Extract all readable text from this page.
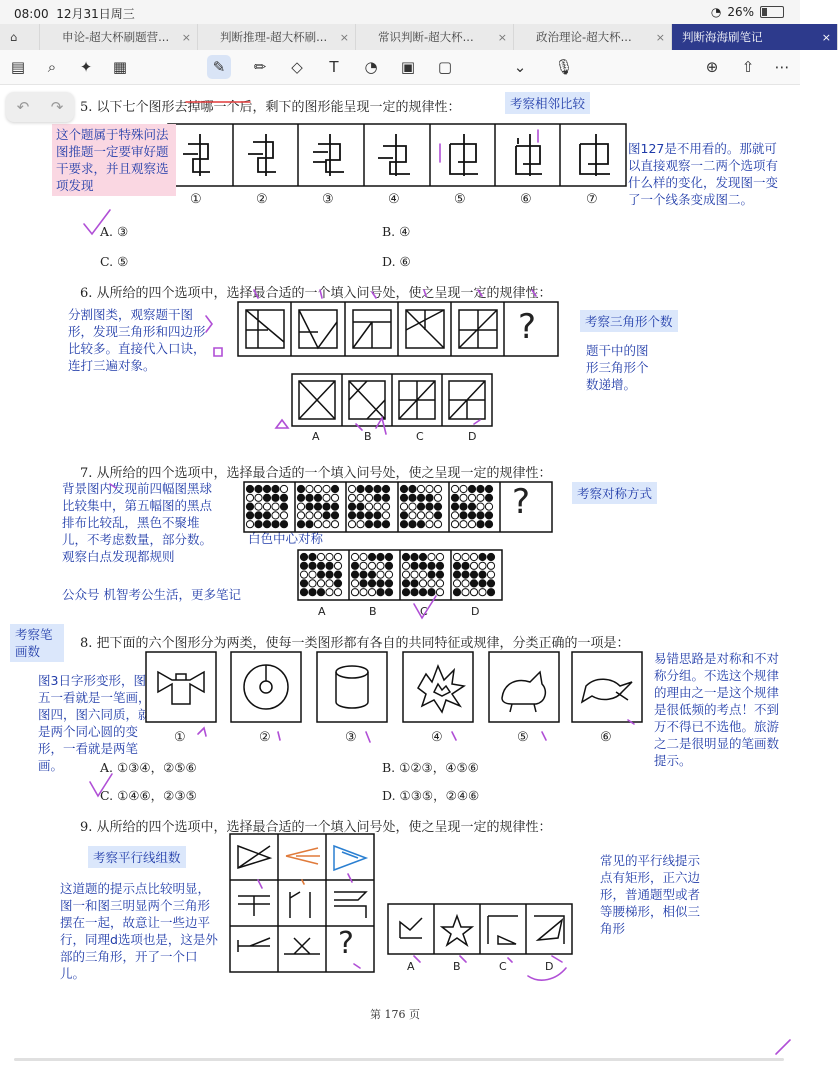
08:00 12月31日周三	◔ 26%
⌂	申论-超大杯刷题营...	×	判断推理-超大杯刷...	×	常识判断-超大杯...	×	政治理论-超大杯...	× 判断海海刷笔记	×
▤	⌕	✦	▦	✎	✏	◇	T	◔	▣	▢	⌄	🎙	⊕	⇧	⋯
↶ ↷ 5. 以下七个图形去掉哪一个后，剩下的图形能呈现一定的规律性：	考察相邻比较
①	②	③	④	⑤	⑥	⑦
这个题属于特殊问法图推题一定要审好题干要求，并且观察选项发现
图127是不用看的。那就可以直接观察一二两个选项有什么样的变化，发现图一变了一个线条变成图二。
A. ③	B. ④
C. ⑤	D. ⑥
6. 从所给的四个选项中，选择最合适的一个填入问号处，使之呈现一定的规律性：
考察三角形个数
分割图类，观察题干图形，发现三角形和四边形比较多。直接代入口诀，连打三遍对象。
题干中的图形三角形个数递增。
?
A	B	C	D
7. 从所给的四个选项中，选择最合适的一个填入问号处，使之呈现一定的规律性：
考察对称方式
背景图内发现前四幅图黑球比较集中，第五幅图的黑点排布比较乱，黑色不聚堆儿，不考虑数量，部分数。观察白点发现都规则
公众号 机智考公生活，更多笔记
白色中心对称
?
A	B	C	D
考察笔画数
8. 把下面的六个图形分为两类，使每一类图形都有各自的共同特征或规律，分类正确的一项是：
图3日字形变形，图五一看就是一笔画，图四，图六同质，就是两个同心圆的变形，一看就是两笔画。
易错思路是对称和不对称分组。不选这个规律的理由之一是这个规律是很低频的考点！不到万不得已不选他。旅游之二是很明显的笔画数提示。
①	②	③	④	⑤	⑥
A. ①③④，②⑤⑥	B. ①②③，④⑤⑥
C. ①④⑥，②③⑤	D. ①③⑤，②④⑥
9. 从所给的四个选项中，选择最合适的一个填入问号处，使之呈现一定的规律性：
考察平行线组数
这道题的提示点比较明显，图一和图三明显两个三角形摆在一起，故意让一些边平行，同理d选项也是，这是外部的三角形，开了一个口儿。
常见的平行线提示点有矩形，正六边形，普通题型或者等腰梯形，相似三角形
?
A	B	C	D
第 176 页
